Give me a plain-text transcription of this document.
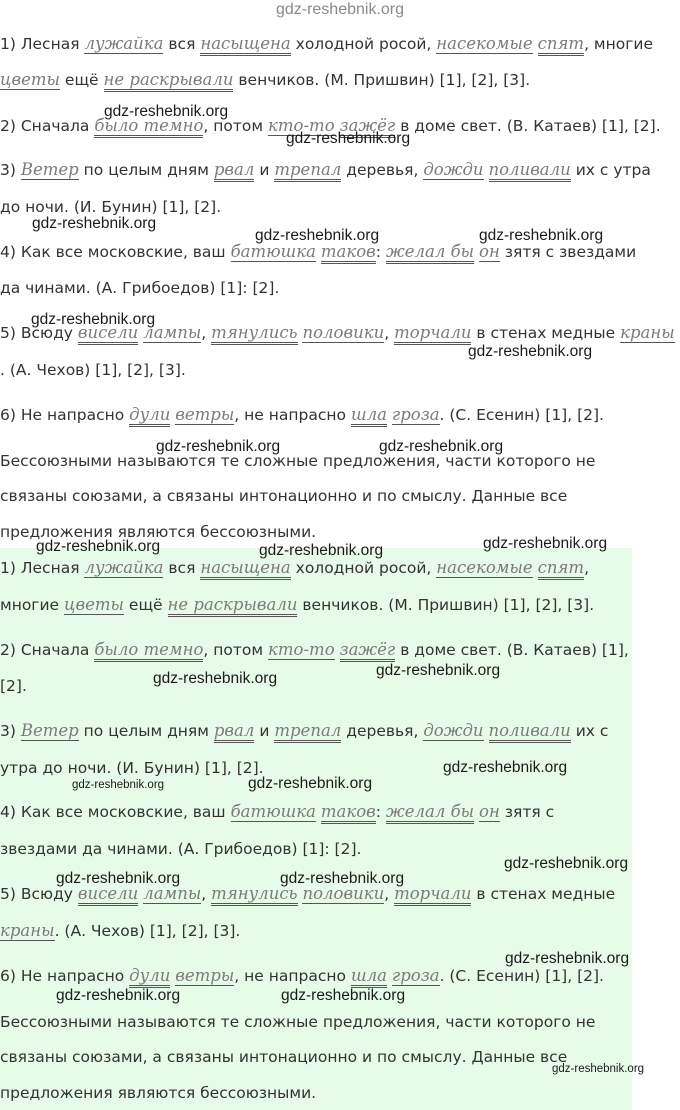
gdz-reshebnik.org
1) Лесная лужайка вся насыщена холодной росой, насекомые спят, многие
цветы ещё не раскрывали венчиков. (М. Пришвин) [1], [2], [3].
2) Сначала было темно, потом кто-то зажёг в доме свет. (В. Катаев) [1], [2].
3) Ветер по целым дням рвал и трепал деревья, дожди поливали их с утра
до ночи. (И. Бунин) [1], [2].
4) Как все московские, ваш батюшка таков: желал бы он зятя с звездами
да чинами. (А. Грибоедов) [1]: [2].
5) Всюду висели лампы, тянулись половики, торчали в стенах медные краны
. (А. Чехов) [1], [2], [3].
6) Не напрасно дули ветры, не напрасно шла гроза. (С. Есенин) [1], [2].
Бессоюзными называются те сложные предложения, части которого не
связаны союзами, а связаны интонационно и по смыслу. Данные все
предложения являются бессоюзными.
1) Лесная лужайка вся насыщена холодной росой, насекомые спят,
многие цветы ещё не раскрывали венчиков. (М. Пришвин) [1], [2], [3].
2) Сначала было темно, потом кто-то зажёг в доме свет. (В. Катаев) [1],
[2].
3) Ветер по целым дням рвал и трепал деревья, дожди поливали их с
утра до ночи. (И. Бунин) [1], [2].
4) Как все московские, ваш батюшка таков: желал бы он зятя с
звездами да чинами. (А. Грибоедов) [1]: [2].
5) Всюду висели лампы, тянулись половики, торчали в стенах медные
краны. (А. Чехов) [1], [2], [3].
6) Не напрасно дули ветры, не напрасно шла гроза. (С. Есенин) [1], [2].
Бессоюзными называются те сложные предложения, части которого не
связаны союзами, а связаны интонационно и по смыслу. Данные все
предложения являются бессоюзными.
gdz-reshebnik.org
gdz-reshebnik.org
gdz-reshebnik.org
gdz-reshebnik.org	gdz-reshebnik.org
gdz-reshebnik.org
gdz-reshebnik.org
gdz-reshebnik.org	gdz-reshebnik.org
gdz-reshebnik.org	gdz-reshebnik.org
gdz-reshebnik.org
gdz-reshebnik.org
gdz-reshebnik.org
gdz-reshebnik.org
gdz-reshebnik.org	gdz-reshebnik.org
gdz-reshebnik.org
gdz-reshebnik.org	gdz-reshebnik.org
gdz-reshebnik.org
gdz-reshebnik.org	gdz-reshebnik.org
gdz-reshebnik.org
